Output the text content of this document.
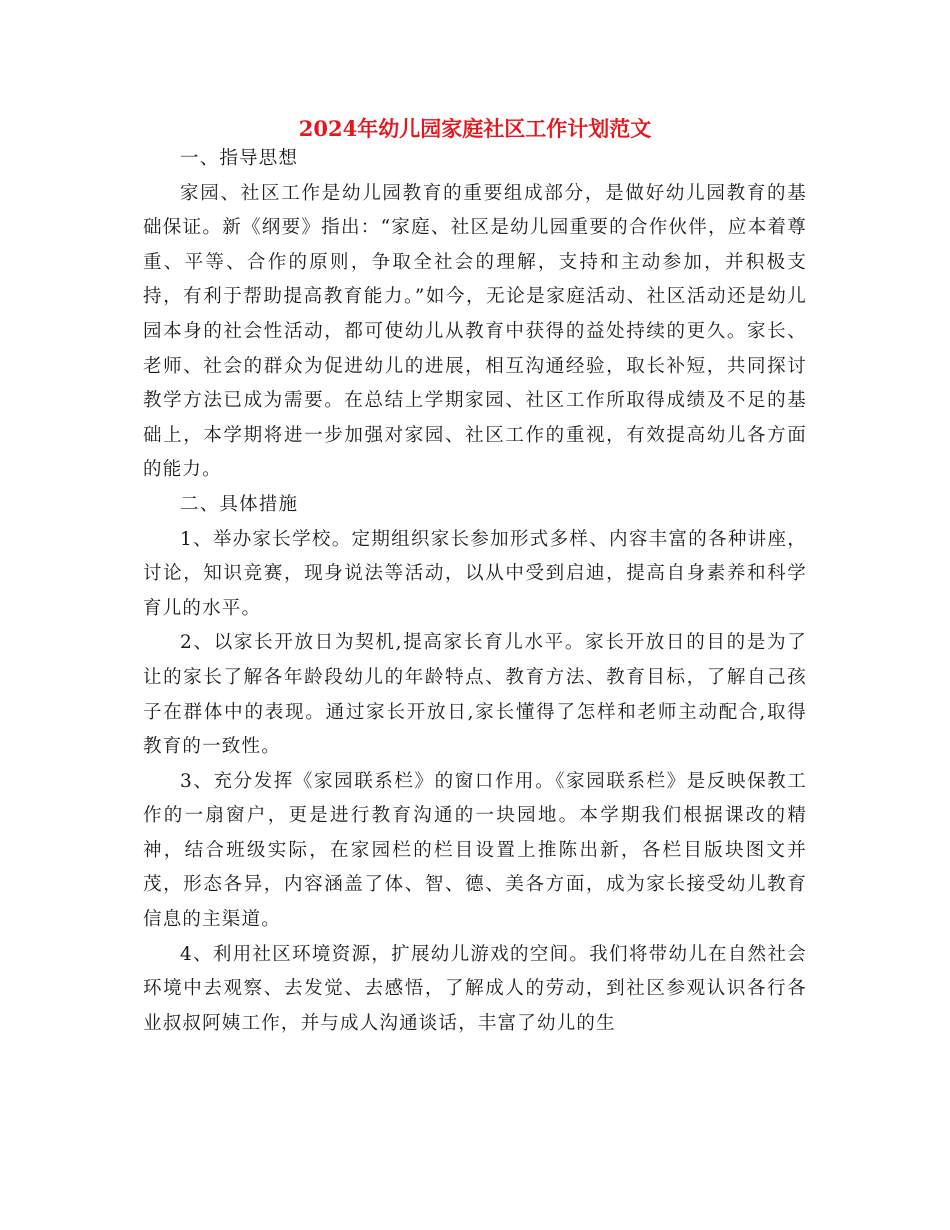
2024年幼儿园家庭社区工作计划范文

一、指导思想

家园、社区工作是幼儿园教育的重要组成部分，是做好幼儿园教育的基础保证。新《纲要》指出：“家庭、社区是幼儿园重要的合作伙伴，应本着尊重、平等、合作的原则，争取全社会的理解，支持和主动参加，并积极支持，有利于帮助提高教育能力。”如今，无论是家庭活动、社区活动还是幼儿园本身的社会性活动，都可使幼儿从教育中获得的益处持续的更久。家长、老师、社会的群众为促进幼儿的进展，相互沟通经验，取长补短，共同探讨教学方法已成为需要。在总结上学期家园、社区工作所取得成绩及不足的基础上，本学期将进一步加强对家园、社区工作的重视，有效提高幼儿各方面的能力。

二、具体措施

1、举办家长学校。定期组织家长参加形式多样、内容丰富的各种讲座，讨论，知识竞赛，现身说法等活动，以从中受到启迪，提高自身素养和科学育儿的水平。

2、以家长开放日为契机,提高家长育儿水平。家长开放日的目的是为了让的家长了解各年龄段幼儿的年龄特点、教育方法、教育目标，了解自己孩子在群体中的表现。通过家长开放日,家长懂得了怎样和老师主动配合,取得教育的一致性。

3、充分发挥《家园联系栏》的窗口作用。《家园联系栏》是反映保教工作的一扇窗户，更是进行教育沟通的一块园地。本学期我们根据课改的精神，结合班级实际，在家园栏的栏目设置上推陈出新，各栏目版块图文并茂，形态各异，内容涵盖了体、智、德、美各方面，成为家长接受幼儿教育信息的主渠道。

4、利用社区环境资源，扩展幼儿游戏的空间。我们将带幼儿在自然社会环境中去观察、去发觉、去感悟，了解成人的劳动，到社区参观认识各行各业叔叔阿姨工作，并与成人沟通谈话，丰富了幼儿的生
